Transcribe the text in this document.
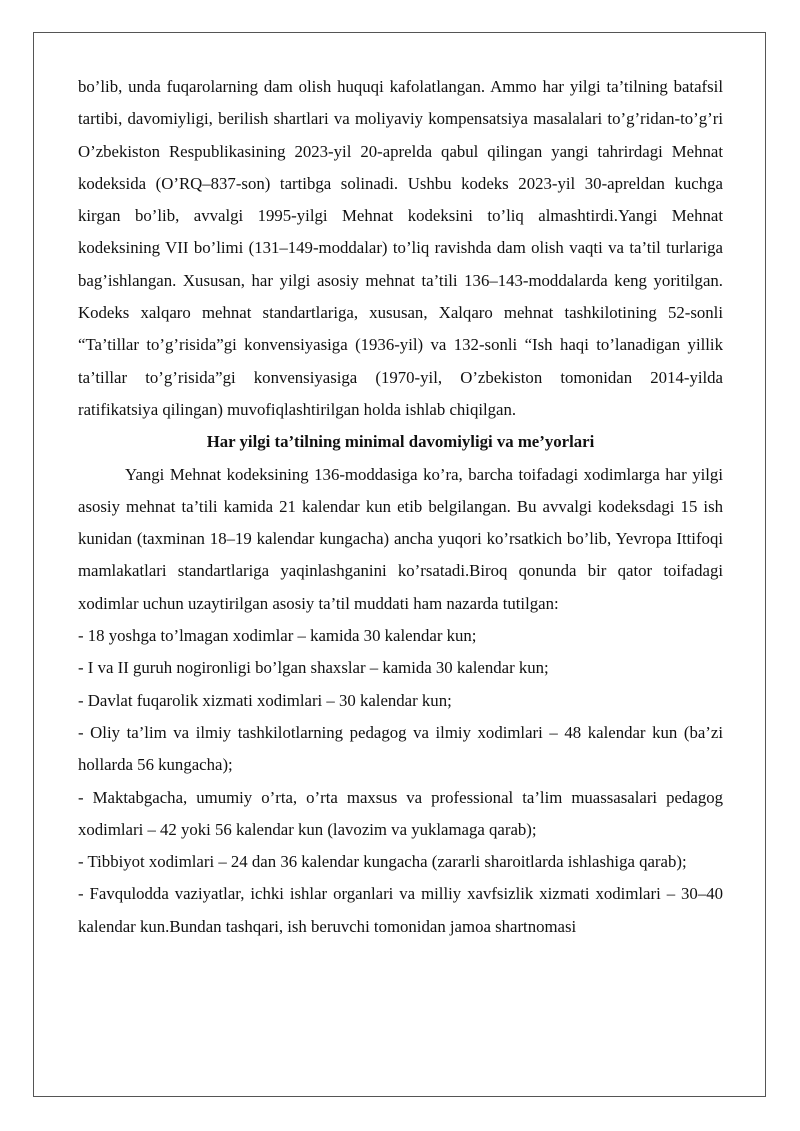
bo’lib, unda fuqarolarning dam olish huquqi kafolatlangan. Ammo har yilgi ta’tilning batafsil tartibi, davomiyligi, berilish shartlari va moliyaviy kompensatsiya masalalari to’g’ridan-to’g’ri O’zbekiston Respublikasining 2023-yil 20-aprelda qabul qilingan yangi tahrirdagi Mehnat kodeksida (O’RQ–837-son) tartibga solinadi. Ushbu kodeks 2023-yil 30-apreldan kuchga kirgan bo’lib, avvalgi 1995-yilgi Mehnat kodeksini to’liq almashtirdi.Yangi Mehnat kodeksining VII bo’limi (131–149-moddalar) to’liq ravishda dam olish vaqti va ta’til turlariga bag’ishlangan. Xususan, har yilgi asosiy mehnat ta’tili 136–143-moddalarda keng yoritilgan. Kodeks xalqaro mehnat standartlariga, xususan, Xalqaro mehnat tashkilotining 52-sonli “Ta’tillar to’g’risida”gi konvensiyasiga (1936-yil) va 132-sonli “Ish haqi to’lanadigan yillik ta’tillar to’g’risida”gi konvensiyasiga (1970-yil, O’zbekiston tomonidan 2014-yilda ratifikatsiya qilingan) muvofiqlashtirilgan holda ishlab chiqilgan.

Har yilgi ta’tilning minimal davomiyligi va me’yorlari

Yangi Mehnat kodeksining 136-moddasiga ko’ra, barcha toifadagi xodimlarga har yilgi asosiy mehnat ta’tili kamida 21 kalendar kun etib belgilangan. Bu avvalgi kodeksdagi 15 ish kunidan (taxminan 18–19 kalendar kungacha) ancha yuqori ko’rsatkich bo’lib, Yevropa Ittifoqi mamlakatlari standartlariga yaqinlashganini ko’rsatadi.Biroq qonunda bir qator toifadagi xodimlar uchun uzaytirilgan asosiy ta’til muddati ham nazarda tutilgan:

- 18 yoshga to’lmagan xodimlar – kamida 30 kalendar kun;
- I va II guruh nogironligi bo’lgan shaxslar – kamida 30 kalendar kun;
- Davlat fuqarolik xizmati xodimlari – 30 kalendar kun;
- Oliy ta’lim va ilmiy tashkilotlarning pedagog va ilmiy xodimlari – 48 kalendar kun (ba’zi hollarda 56 kungacha);
- Maktabgacha, umumiy o’rta, o’rta maxsus va professional ta’lim muassasalari pedagog xodimlari – 42 yoki 56 kalendar kun (lavozim va yuklamaga qarab);
- Tibbiyot xodimlari – 24 dan 36 kalendar kungacha (zararli sharoitlarda ishlashiga qarab);
- Favqulodda vaziyatlar, ichki ishlar organlari va milliy xavfsizlik xizmati xodimlari – 30–40 kalendar kun.Bundan tashqari, ish beruvchi tomonidan jamoa shartnomasi
